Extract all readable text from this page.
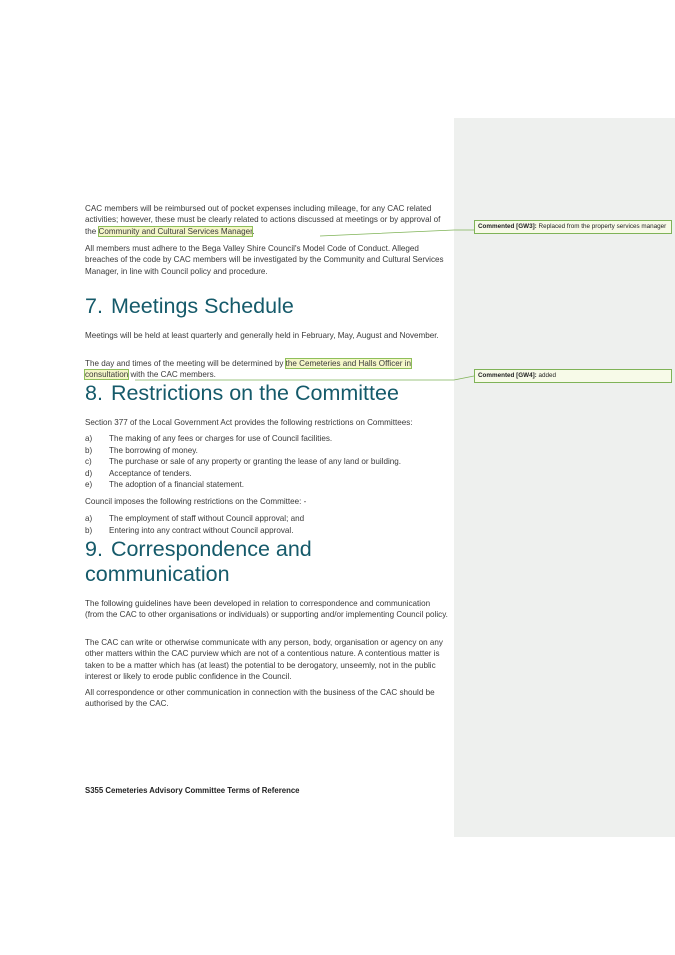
CAC members will be reimbursed out of pocket expenses including mileage, for any CAC related activities; however, these must be clearly related to actions discussed at meetings or by approval of the Community and Cultural Services Manager.

All members must adhere to the Bega Valley Shire Council's Model Code of Conduct. Alleged breaches of the code by CAC members will be investigated by the Community and Cultural Services Manager, in line with Council policy and procedure.
7. Meetings Schedule
Meetings will be held at least quarterly and generally held in February, May, August and November.

The day and times of the meeting will be determined by the Cemeteries and Halls Officer in consultation with the CAC members.

8. Restrictions on the Committee
Section 377 of the Local Government Act provides the following restrictions on Committees:
a)	The making of any fees or charges for use of Council facilities.
b)	The borrowing of money.
c)	The purchase or sale of any property or granting the lease of any land or building.
d)	Acceptance of tenders.
e)	The adoption of a financial statement.
Council imposes the following restrictions on the Committee: -
a)	The employment of staff without Council approval; and
b)	Entering into any contract without Council approval.
9. Correspondence and
communication
The following guidelines have been developed in relation to correspondence and communication (from the CAC to other organisations or individuals) or supporting and/or implementing Council policy.
The CAC can write or otherwise communicate with any person, body, organisation or agency on any other matters within the CAC purview which are not of a contentious nature. A contentious matter is taken to be a matter which has (at least) the potential to be derogatory, unseemly, not in the public interest or likely to erode public confidence in the Council.
All correspondence or other communication in connection with the business of the CAC should be authorised by the CAC.
Commented [GW3]: Replaced from the property services manager
Commented [GW4]: added
S355 Cemeteries Advisory Committee Terms of Reference
